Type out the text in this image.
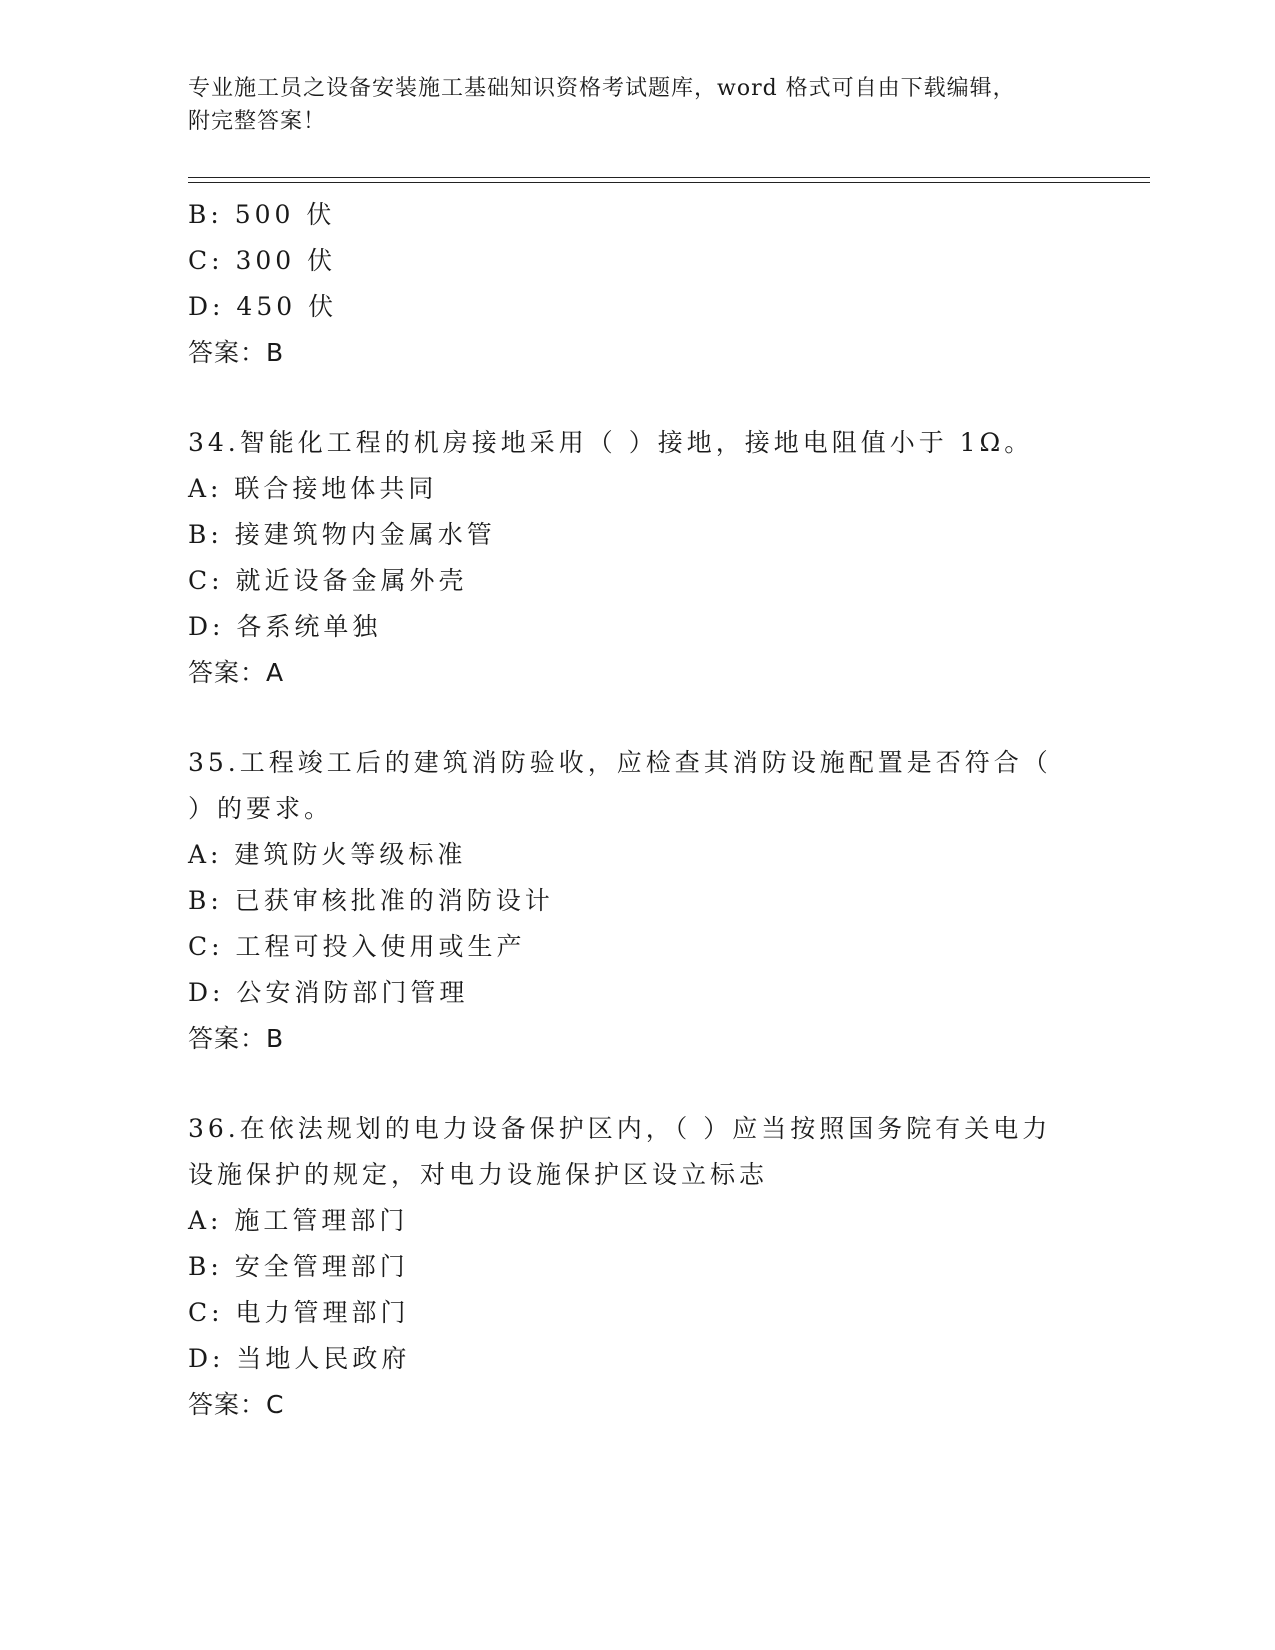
专业施工员之设备安装施工基础知识资格考试题库，word 格式可自由下载编辑，
附完整答案！
B: 500 伏
C: 300 伏
D: 450 伏
答案：B
34.智能化工程的机房接地采用（ ）接地，接地电阻值小于 1Ω。
A: 联合接地体共同
B: 接建筑物内金属水管
C: 就近设备金属外壳
D: 各系统单独
答案：A
35.工程竣工后的建筑消防验收，应检查其消防设施配置是否符合（
）的要求。
A: 建筑防火等级标准
B: 已获审核批准的消防设计
C: 工程可投入使用或生产
D: 公安消防部门管理
答案：B
36.在依法规划的电力设备保护区内，（ ）应当按照国务院有关电力
设施保护的规定，对电力设施保护区设立标志
A: 施工管理部门
B: 安全管理部门
C: 电力管理部门
D: 当地人民政府
答案：C
